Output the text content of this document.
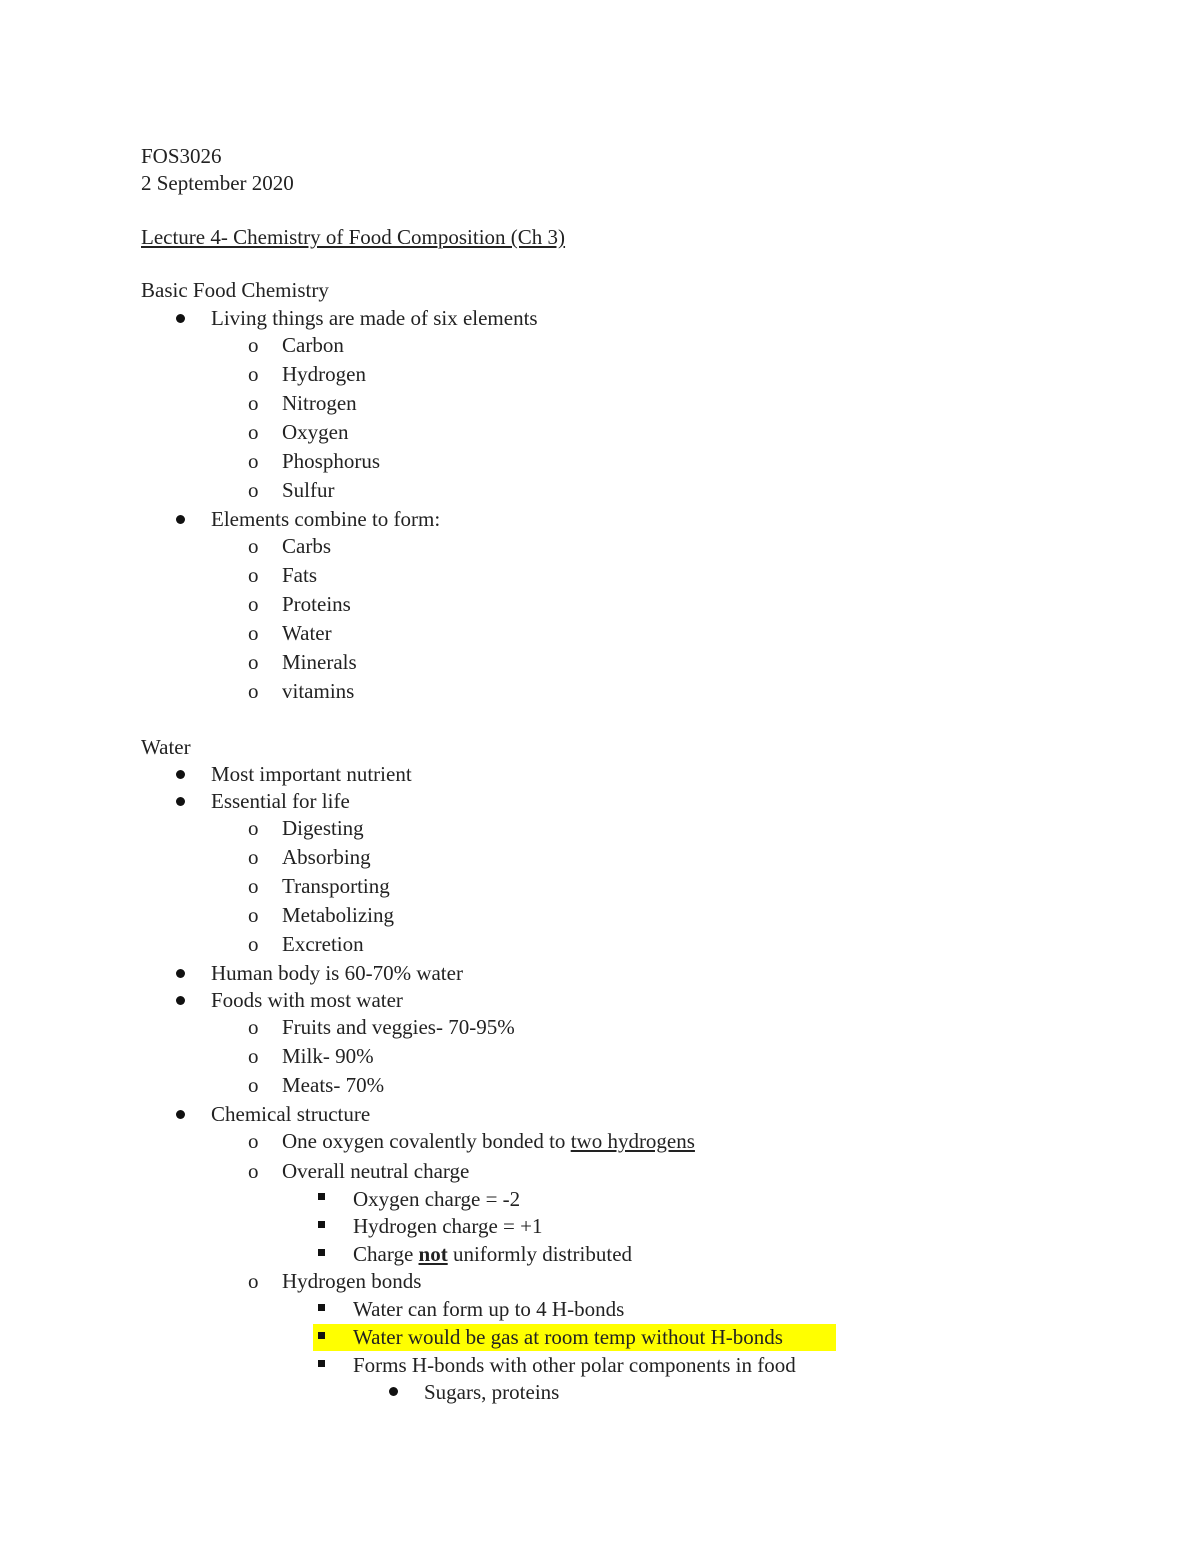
FOS3026
2 September 2020
Lecture 4- Chemistry of Food Composition (Ch 3)
Basic Food Chemistry
Living things are made of six elements
o Carbon
o Hydrogen
o Nitrogen
o Oxygen
o Phosphorus
o Sulfur
Elements combine to form:
o Carbs
o Fats
o Proteins
o Water
o Minerals
o vitamins
Water
Most important nutrient
Essential for life
o Digesting
o Absorbing
o Transporting
o Metabolizing
o Excretion
Human body is 60-70% water
Foods with most water
o Fruits and veggies- 70-95%
o Milk- 90%
o Meats- 70%
Chemical structure
o One oxygen covalently bonded to two hydrogens
o Overall neutral charge
Oxygen charge = -2
Hydrogen charge = +1
Charge not uniformly distributed
o Hydrogen bonds
Water can form up to 4 H-bonds
Water would be gas at room temp without H-bonds
Forms H-bonds with other polar components in food
Sugars, proteins
